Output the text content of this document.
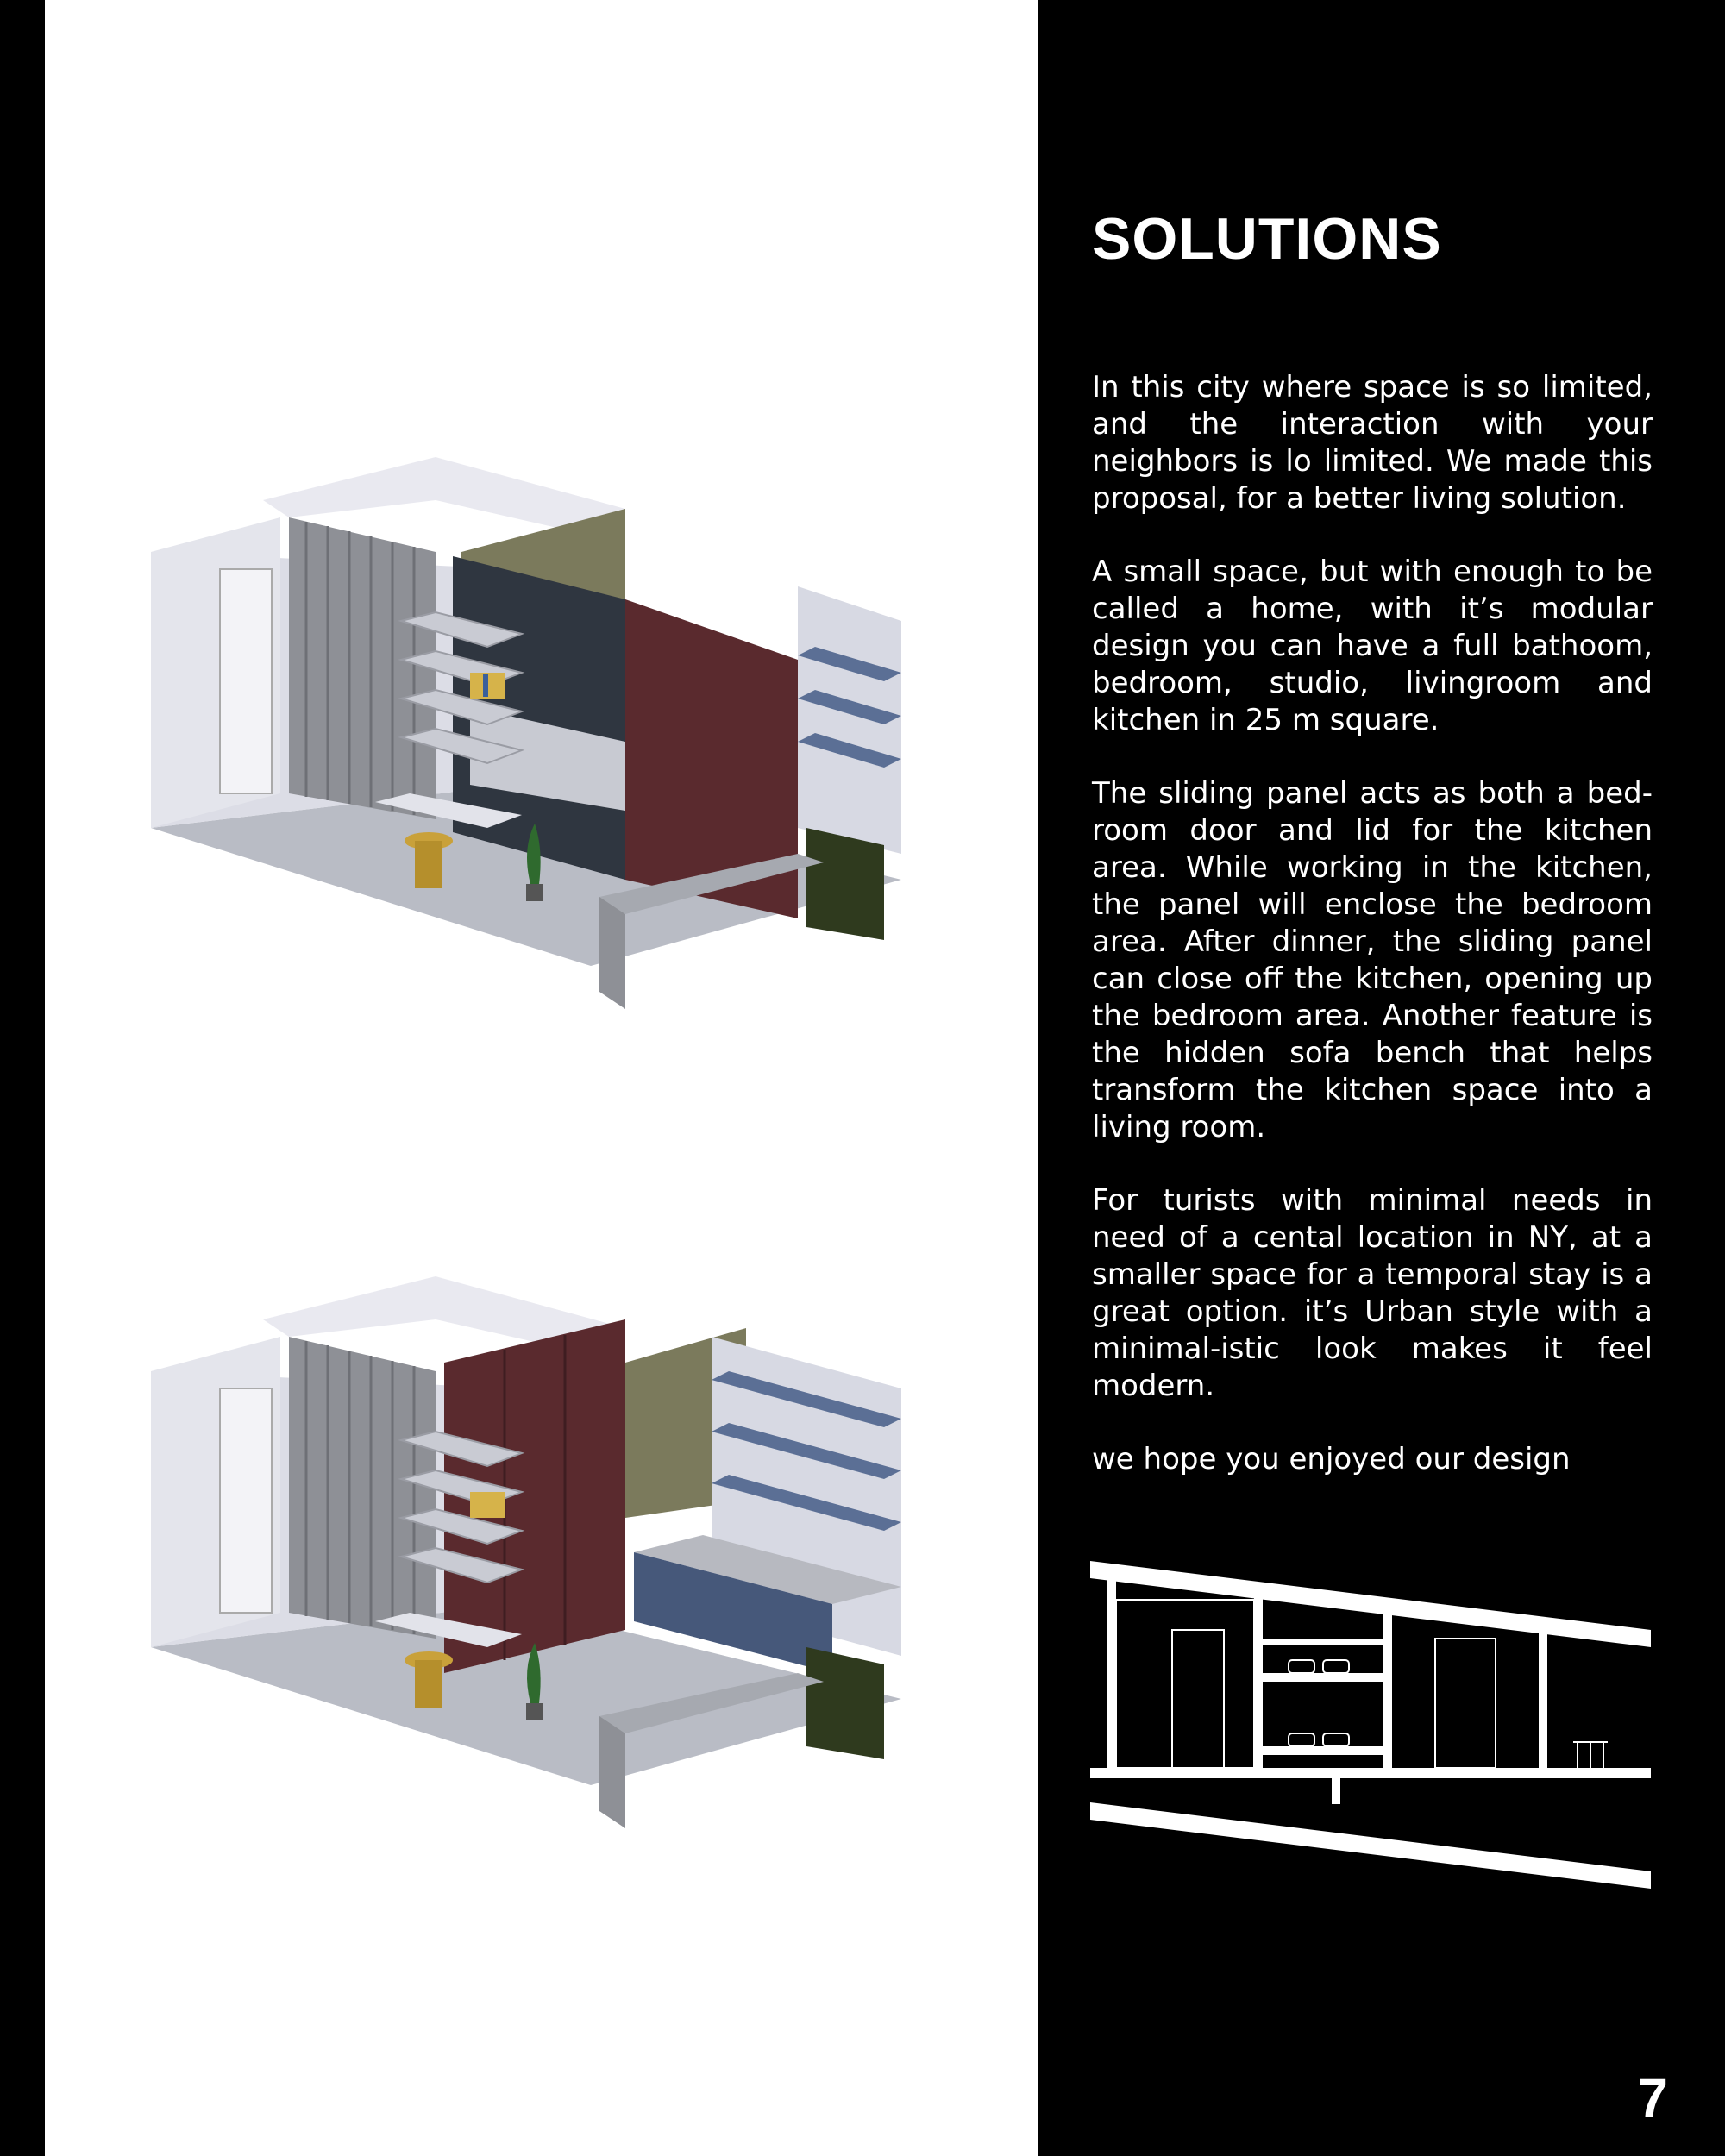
SOLUTIONS

In this city where space is so limited, and the interaction with your neighbors is lo limited. We made this proposal, for a better living solution.

A small space, but with enough to be called a home, with it’s modular design you can have a full bathoom, bedroom, studio, livingroom and kitchen in 25 m square.

The sliding panel acts as both a bed-room door and lid for the kitchen area. While working in the kitchen, the panel will enclose the bedroom area. After dinner, the sliding panel can close off the kitchen, opening up the bedroom area. Another feature is the hidden sofa bench that helps transform the kitchen space into a living room.

For turists with minimal needs in need of a cental location in NY, at a smaller space for a temporal stay is a great option. it’s Urban style with a minimal-istic look makes it feel modern.

we hope you enjoyed our design

7
